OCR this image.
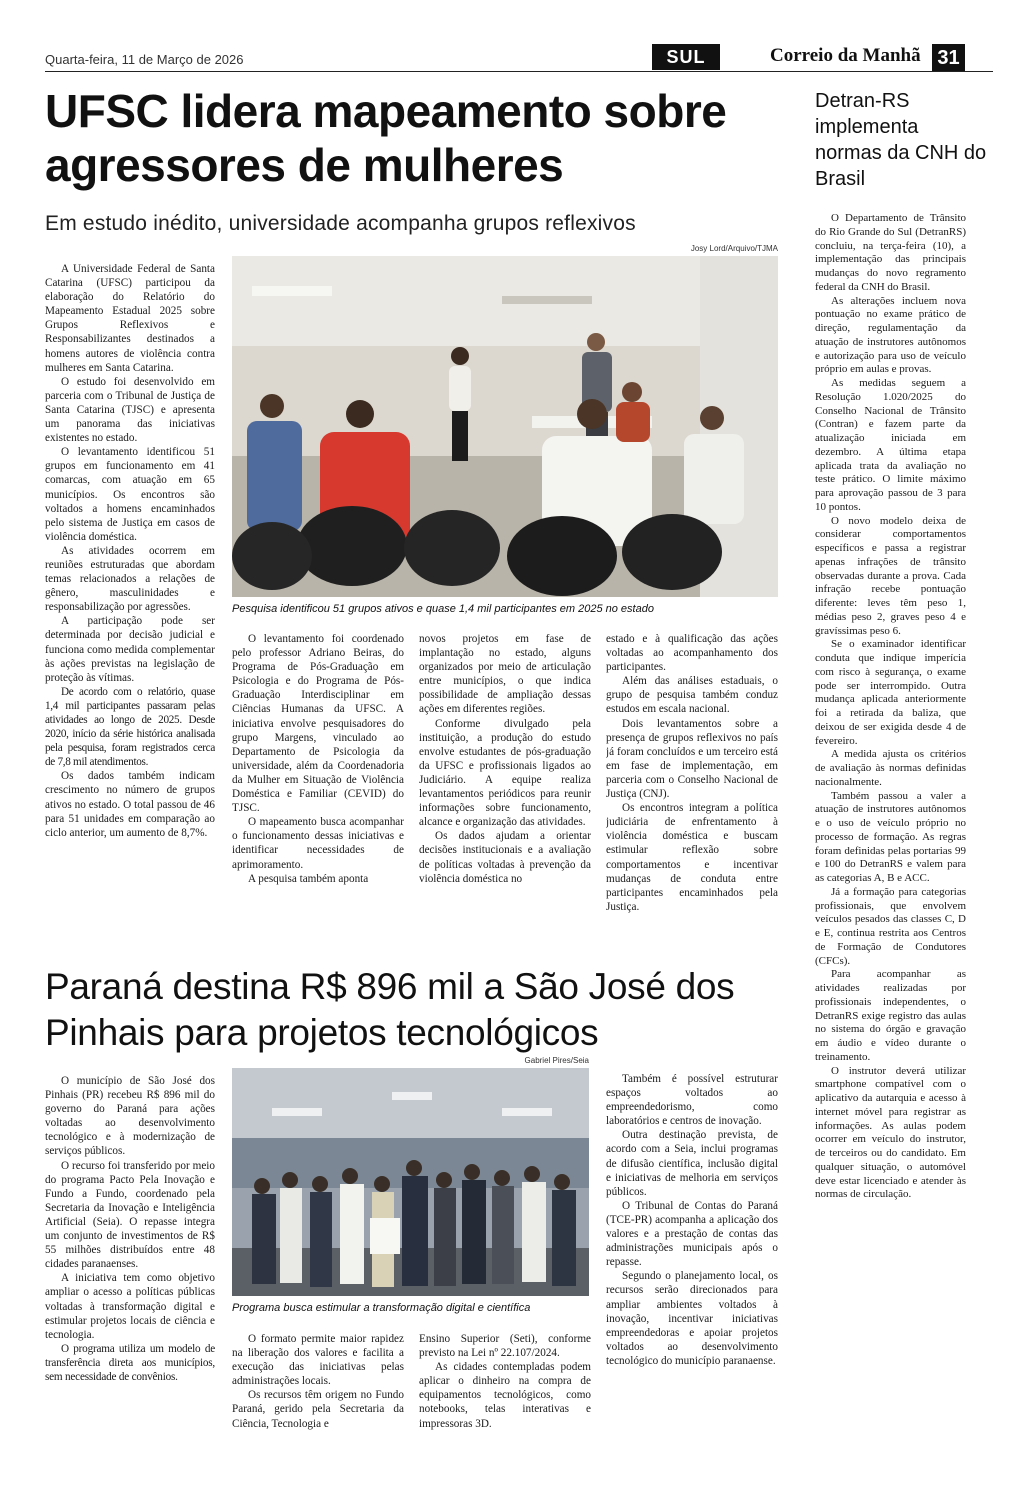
Quarta-feira, 11 de Março de 2026	SUL	Correio da Manhã 31
UFSC lidera mapeamento sobre agressores de mulheres
Em estudo inédito, universidade acompanha grupos reflexivos
Josy Lord/Arquivo/TJMA
Pesquisa identificou 51 grupos ativos e quase 1,4 mil participantes em 2025 no estado

A Universidade Federal de Santa Catarina (UFSC) participou da elaboração do Relatório do Mapeamento Estadual 2025 sobre Grupos Reflexivos e Responsabilizantes destinados a homens autores de violência contra mulheres em Santa Catarina.

O estudo foi desenvolvido em parceria com o Tribunal de Justiça de Santa Catarina (TJSC) e apresenta um panorama das iniciativas existentes no estado.

O levantamento identificou 51 grupos em funcionamento em 41 comarcas, com atuação em 65 municípios. Os encontros são voltados a homens encaminhados pelo sistema de Justiça em casos de violência doméstica.

As atividades ocorrem em reuniões estruturadas que abordam temas relacionados a relações de gênero, masculinidades e responsabilização por agressões.

A participação pode ser determinada por decisão judicial e funciona como medida complementar às ações previstas na legislação de proteção às vítimas.

De acordo com o relatório, quase 1,4 mil participantes passaram pelas atividades ao longo de 2025. Desde 2020, início da série histórica analisada pela pesquisa, foram registrados cerca de 7,8 mil atendimentos.

Os dados também indicam crescimento no número de grupos ativos no estado. O total passou de 46 para 51 unidades em comparação ao ciclo anterior, um aumento de 8,7%.

O levantamento foi coordenado pelo professor Adriano Beiras, do Programa de Pós-Graduação em Psicologia e do Programa de Pós-Graduação Interdisciplinar em Ciências Humanas da UFSC. A iniciativa envolve pesquisadores do grupo Margens, vinculado ao Departamento de Psicologia da universidade, além da Coordenadoria da Mulher em Situação de Violência Doméstica e Familiar (CEVID) do TJSC.

O mapeamento busca acompanhar o funcionamento dessas iniciativas e identificar necessidades de aprimoramento.

A pesquisa também aponta

novos projetos em fase de implantação no estado, alguns organizados por meio de articulação entre municípios, o que indica possibilidade de ampliação dessas ações em diferentes regiões.

Conforme divulgado pela instituição, a produção do estudo envolve estudantes de pós-graduação da UFSC e profissionais ligados ao Judiciário. A equipe realiza levantamentos periódicos para reunir informações sobre funcionamento, alcance e organização das atividades.

Os dados ajudam a orientar decisões institucionais e a avaliação de políticas voltadas à prevenção da violência doméstica no

estado e à qualificação das ações voltadas ao acompanhamento dos participantes.

Além das análises estaduais, o grupo de pesquisa também conduz estudos em escala nacional.

Dois levantamentos sobre a presença de grupos reflexivos no país já foram concluídos e um terceiro está em fase de implementação, em parceria com o Conselho Nacional de Justiça (CNJ).

Os encontros integram a política judiciária de enfrentamento à violência doméstica e buscam estimular reflexão sobre comportamentos e incentivar mudanças de conduta entre participantes encaminhados pela Justiça.

Paraná destina R$ 896 mil a São José dos Pinhais para projetos tecnológicos
Gabriel Pires/Seia
Programa busca estimular a transformação digital e científica

O município de São José dos Pinhais (PR) recebeu R$ 896 mil do governo do Paraná para ações voltadas ao desenvolvimento tecnológico e à modernização de serviços públicos.

O recurso foi transferido por meio do programa Pacto Pela Inovação e Fundo a Fundo, coordenado pela Secretaria da Inovação e Inteligência Artificial (Seia). O repasse integra um conjunto de investimentos de R$ 55 milhões distribuídos entre 48 cidades paranaenses.

A iniciativa tem como objetivo ampliar o acesso a políticas públicas voltadas à transformação digital e estimular projetos locais de ciência e tecnologia.

O programa utiliza um modelo de transferência direta aos municípios, sem necessidade de convênios.

O formato permite maior rapidez na liberação dos valores e facilita a execução das iniciativas pelas administrações locais.

Os recursos têm origem no Fundo Paraná, gerido pela Secretaria da Ciência, Tecnologia e

Ensino Superior (Seti), conforme previsto na Lei nº 22.107/2024.

As cidades contempladas podem aplicar o dinheiro na compra de equipamentos tecnológicos, como notebooks, telas interativas e impressoras 3D.

Também é possível estruturar espaços voltados ao empreendedorismo, como laboratórios e centros de inovação.

Outra destinação prevista, de acordo com a Seia, inclui programas de difusão científica, inclusão digital e iniciativas de melhoria em serviços públicos.

O Tribunal de Contas do Paraná (TCE-PR) acompanha a aplicação dos valores e a prestação de contas das administrações municipais após o repasse.

Segundo o planejamento local, os recursos serão direcionados para ampliar ambientes voltados à inovação, incentivar iniciativas empreendedoras e apoiar projetos voltados ao desenvolvimento tecnológico do município paranaense.

Detran-RS implementa normas da CNH do Brasil

O Departamento de Trânsito do Rio Grande do Sul (DetranRS) concluiu, na terça-feira (10), a implementação das principais mudanças do novo regramento federal da CNH do Brasil.

As alterações incluem nova pontuação no exame prático de direção, regulamentação da atuação de instrutores autônomos e autorização para uso de veículo próprio em aulas e provas.

As medidas seguem a Resolução 1.020/2025 do Conselho Nacional de Trânsito (Contran) e fazem parte da atualização iniciada em dezembro. A última etapa aplicada trata da avaliação no teste prático. O limite máximo para aprovação passou de 3 para 10 pontos.

O novo modelo deixa de considerar comportamentos específicos e passa a registrar apenas infrações de trânsito observadas durante a prova. Cada infração recebe pontuação diferente: leves têm peso 1, médias peso 2, graves peso 4 e gravíssimas peso 6.

Se o examinador identificar conduta que indique imperícia com risco à segurança, o exame pode ser interrompido. Outra mudança aplicada anteriormente foi a retirada da baliza, que deixou de ser exigida desde 4 de fevereiro.

A medida ajusta os critérios de avaliação às normas definidas nacionalmente.

Também passou a valer a atuação de instrutores autônomos e o uso de veículo próprio no processo de formação. As regras foram definidas pelas portarias 99 e 100 do DetranRS e valem para as categorias A, B e ACC.

Já a formação para categorias profissionais, que envolvem veículos pesados das classes C, D e E, continua restrita aos Centros de Formação de Condutores (CFCs).

Para acompanhar as atividades realizadas por profissionais independentes, o DetranRS exige registro das aulas no sistema do órgão e gravação em áudio e vídeo durante o treinamento.

O instrutor deverá utilizar smartphone compatível com o aplicativo da autarquia e acesso à internet móvel para registrar as informações. As aulas podem ocorrer em veículo do instrutor, de terceiros ou do candidato. Em qualquer situação, o automóvel deve estar licenciado e atender às normas de circulação.
